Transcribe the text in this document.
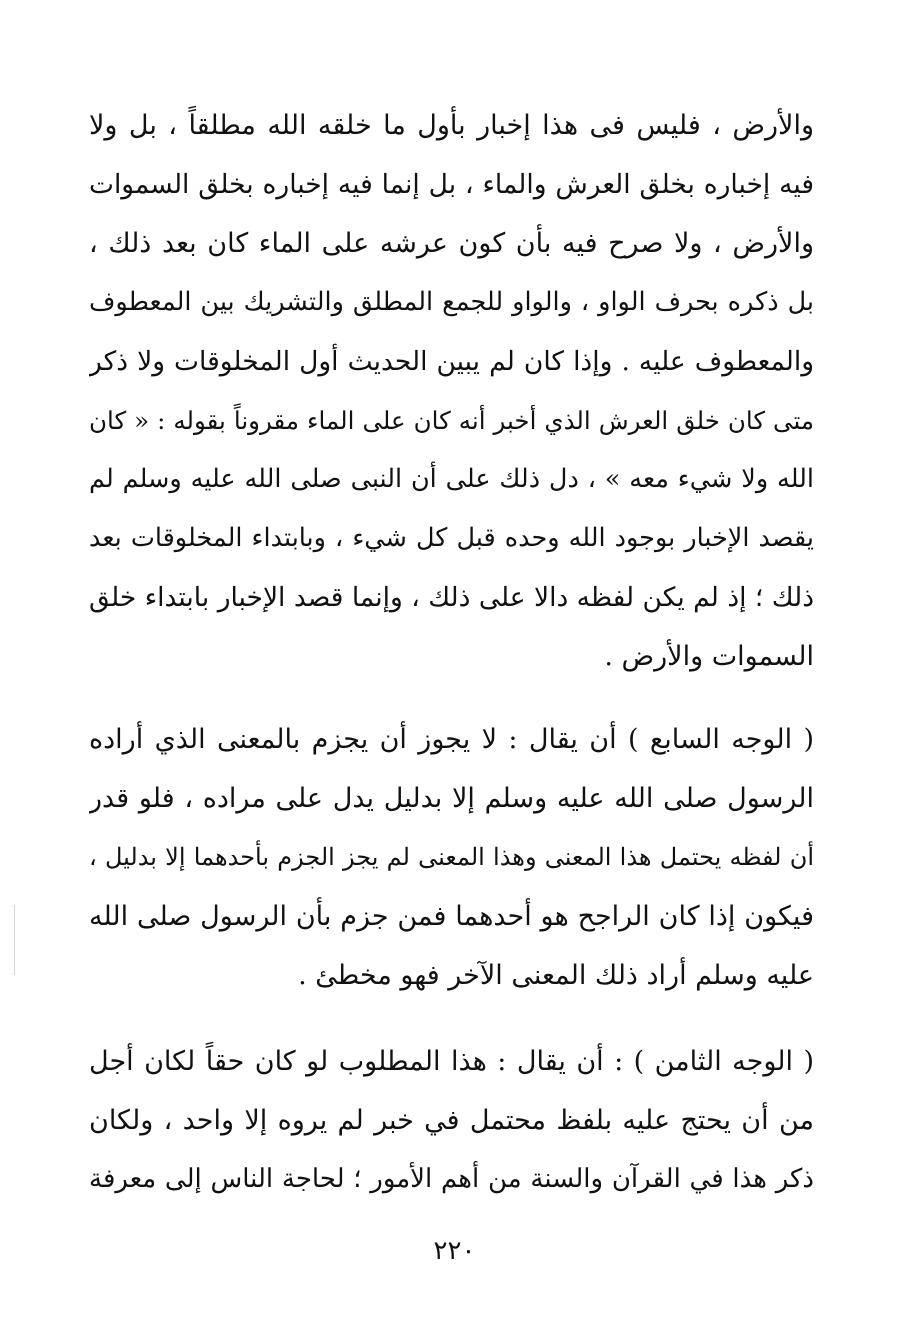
والأرض ، فليس فى هذا إخبار بأول ما خلقه الله مطلقاً ، بل ولا
فيه إخباره بخلق العرش والماء ، بل إنما فيه إخباره بخلق السموات
والأرض ، ولا صرح فيه بأن كون عرشه على الماء كان بعد ذلك ،
بل ذكره بحرف الواو ، والواو للجمع المطلق والتشريك بين المعطوف
والمعطوف عليه . وإذا كان لم يبين الحديث أول المخلوقات ولا ذكر
متى كان خلق العرش الذي أخبر أنه كان على الماء مقروناً بقوله : « كان
الله ولا شيء معه » ، دل ذلك على أن النبى صلى الله عليه وسلم لم
يقصد الإخبار بوجود الله وحده قبل كل شيء ، وبابتداء المخلوقات بعد
ذلك ؛ إذ لم يكن لفظه دالا على ذلك ، وإنما قصد الإخبار بابتداء خلق
السموات والأرض .
( الوجه السابع ) أن يقال : لا يجوز أن يجزم بالمعنى الذي أراده
الرسول صلى الله عليه وسلم إلا بدليل يدل على مراده ، فلو قدر
أن لفظه يحتمل هذا المعنى وهذا المعنى لم يجز الجزم بأحدهما إلا بدليل ،
فيكون إذا كان الراجح هو أحدهما فمن جزم بأن الرسول صلى الله
عليه وسلم أراد ذلك المعنى الآخر فهو مخطئ .
( الوجه الثامن ) : أن يقال : هذا المطلوب لو كان حقاً لكان أجل
من أن يحتج عليه بلفظ محتمل في خبر لم يروه إلا واحد ، ولكان
ذكر هذا في القرآن والسنة من أهم الأمور ؛ لحاجة الناس إلى معرفة
٢٢٠
